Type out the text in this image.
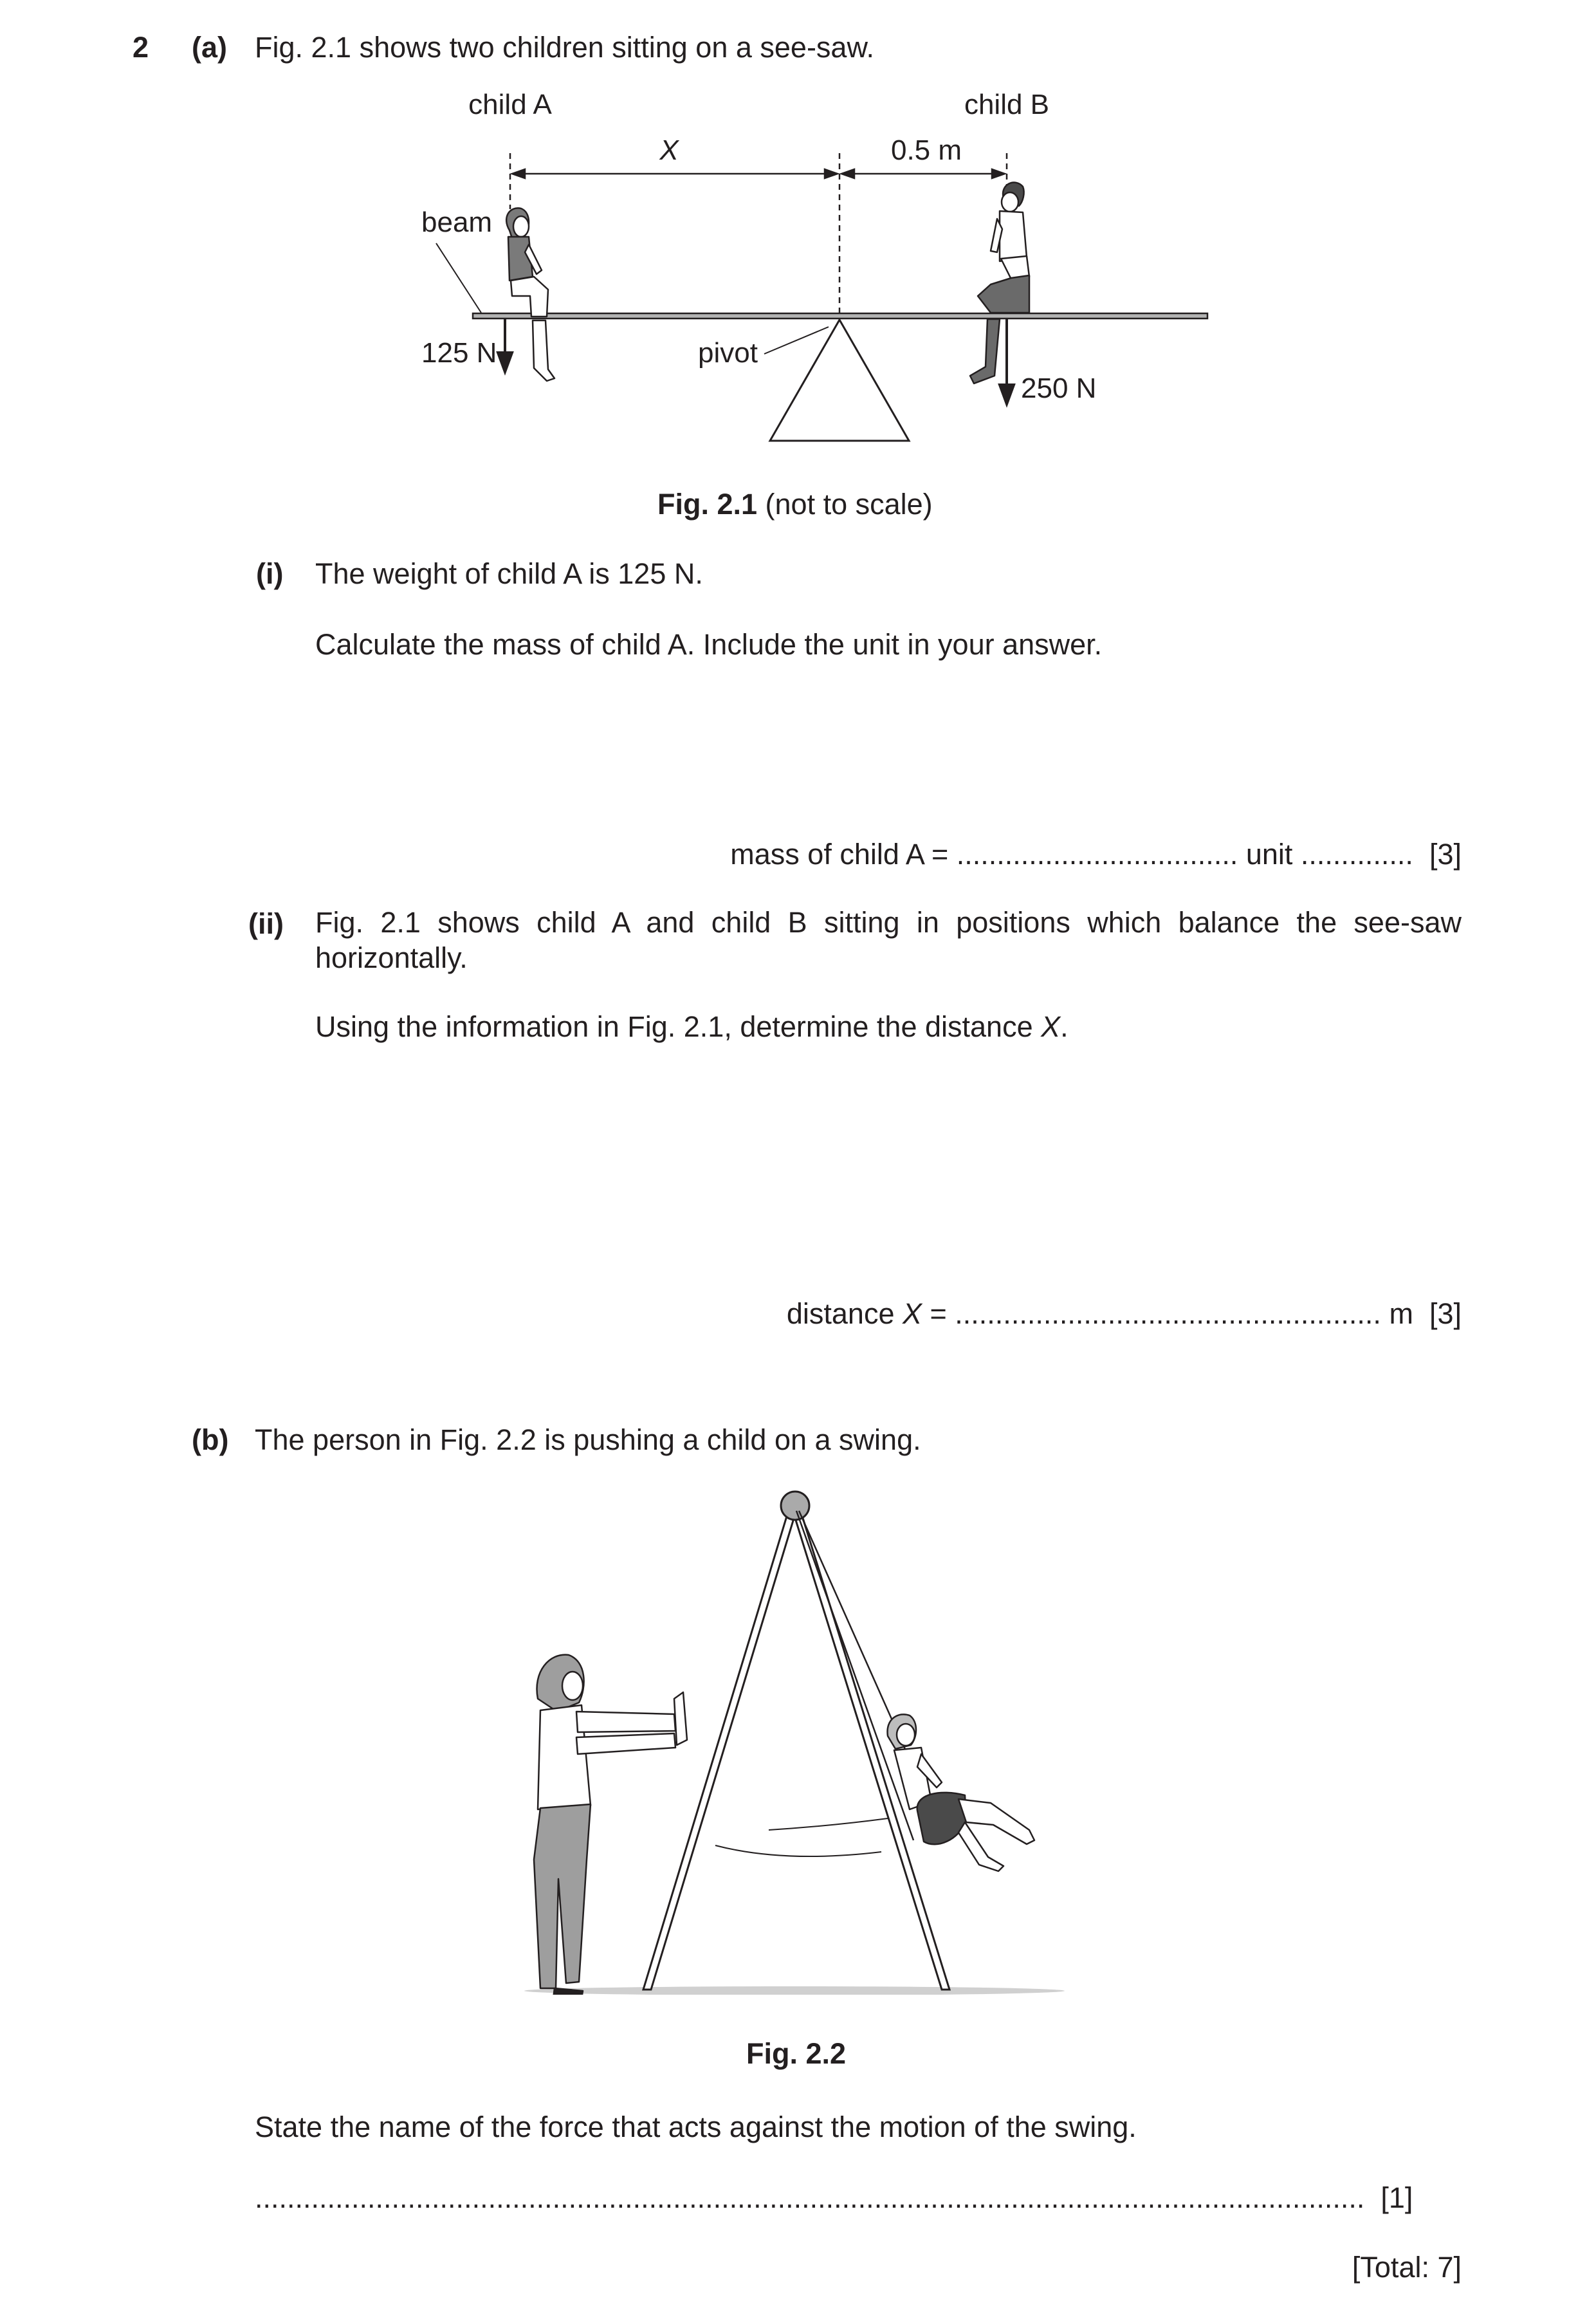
2 (a) Fig. 2.1 shows two children sitting on a see-saw.
child A	child B
X	0.5 m
beam
pivot
125 N
250 N
Fig. 2.1 (not to scale)
(i) The weight of child A is 125 N.
Calculate the mass of child A. Include the unit in your answer.
mass of child A = ................................... unit .............. [3]
(ii) Fig. 2.1 shows child A and child B sitting in positions which balance the see-saw horizontally.
Using the information in Fig. 2.1, determine the distance X.
distance X = ..................................................... m [3]
(b) The person in Fig. 2.2 is pushing a child on a swing.
Fig. 2.2
State the name of the force that acts against the motion of the swing.
.......................................................................................................................................... [1]
[Total: 7]
